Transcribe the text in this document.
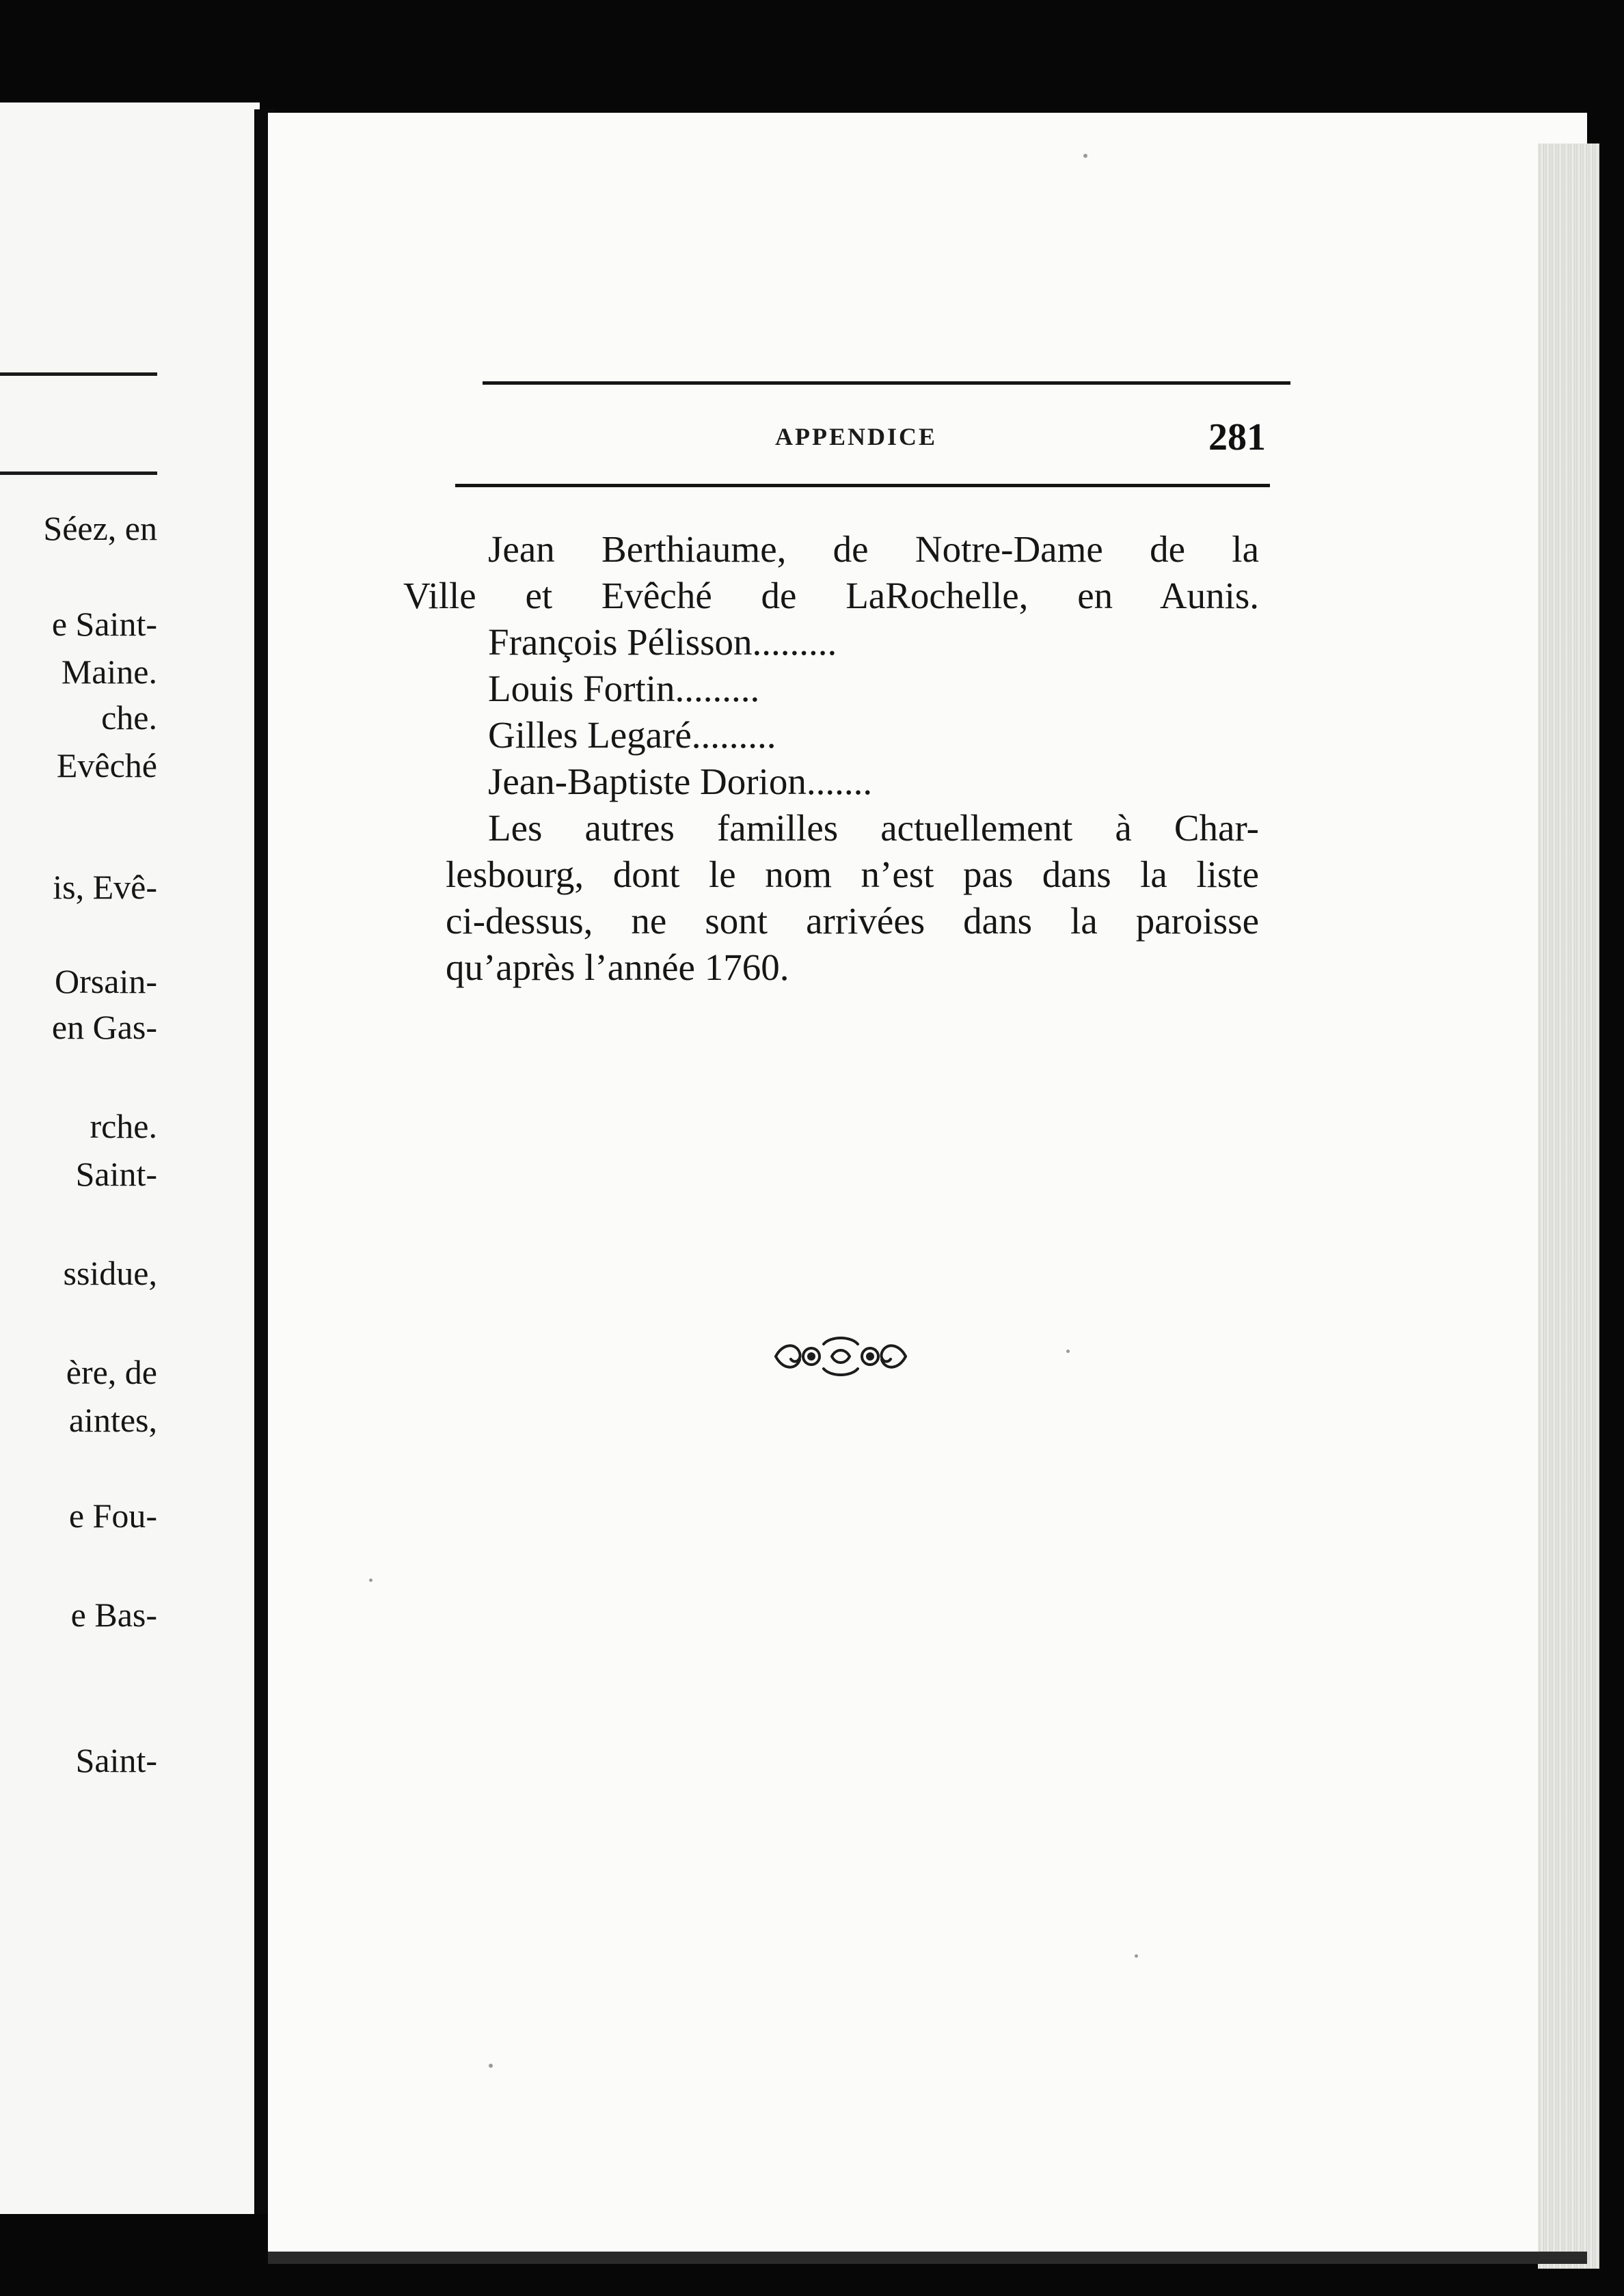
Séez, en
e Saint-
Maine.
che.
Evêché
is, Evê-
Orsain-
en Gas-
rche.
Saint-
ssidue,
ère, de
aintes,
e Fou-
e Bas-
Saint-
APPENDICE	281

Jean Berthiaume, de Notre-Dame de la
Ville et Evêché de LaRochelle, en Aunis.

François Pélisson.........

Louis Fortin.........

Gilles Legaré.........

Jean-Baptiste Dorion.......

Les autres familles actuellement à Char-
lesbourg, dont le nom n’est pas dans la liste
ci-dessus, ne sont arrivées dans la paroisse
qu’après l’année 1760.
